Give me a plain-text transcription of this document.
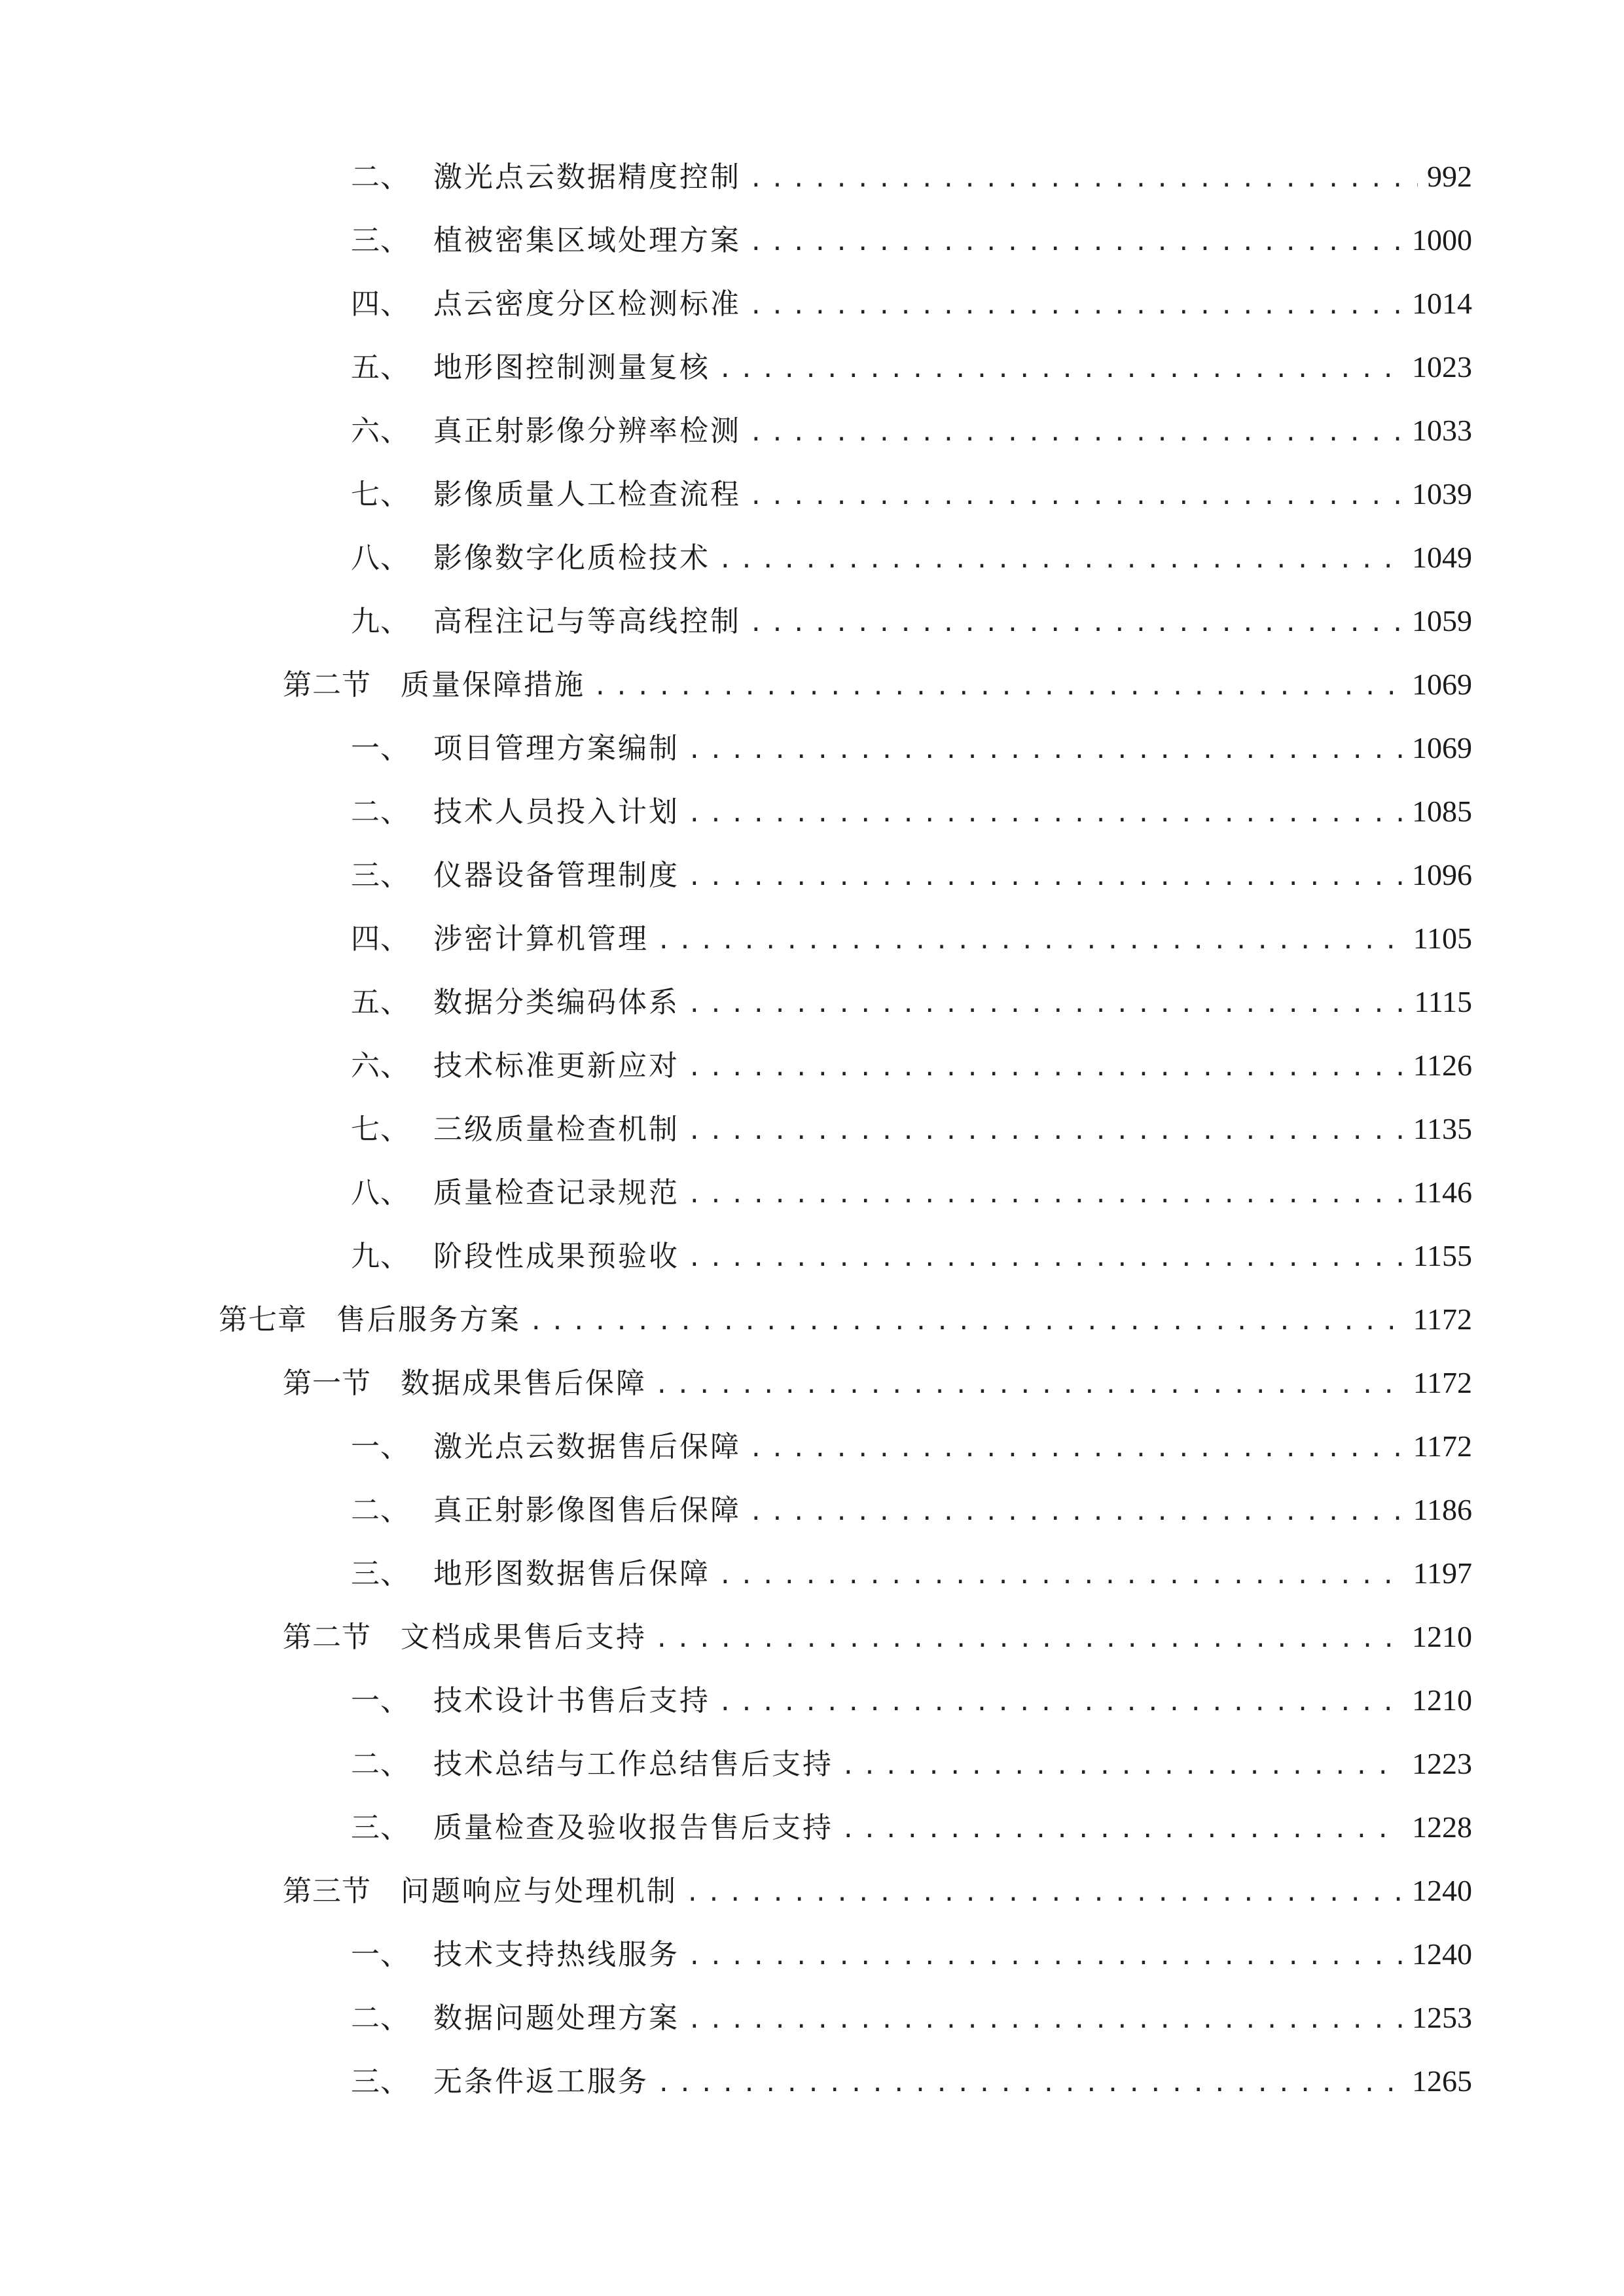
二、 激光点云数据精度控制 .....	992
三、 植被密集区域处理方案 .....	1000
四、 点云密度分区检测标准 .....	1014
五、 地形图控制测量复核 .....	1023
六、 真正射影像分辨率检测 .....	1033
七、 影像质量人工检查流程 .....	1039
八、 影像数字化质检技术 .....	1049
九、 高程注记与等高线控制 .....	1059
第二节	质量保障措施 .....	1069
一、 项目管理方案编制 .....	1069
二、 技术人员投入计划 .....	1085
三、 仪器设备管理制度 .....	1096
四、 涉密计算机管理 .....	1105
五、 数据分类编码体系 .....	1115
六、 技术标准更新应对 .....	1126
七、 三级质量检查机制 .....	1135
八、 质量检查记录规范 .....	1146
九、 阶段性成果预验收 .....	1155
第七章	售后服务方案 .....	1172
第一节	数据成果售后保障 .....	1172
一、 激光点云数据售后保障 .....	1172
二、 真正射影像图售后保障 .....	1186
三、 地形图数据售后保障 .....	1197
第二节	文档成果售后支持 .....	1210
一、 技术设计书售后支持 .....	1210
二、 技术总结与工作总结售后支持 .....	1223
三、 质量检查及验收报告售后支持 .....	1228
第三节	问题响应与处理机制 .....	1240
一、 技术支持热线服务 .....	1240
二、 数据问题处理方案 .....	1253
三、 无条件返工服务 .....	1265
